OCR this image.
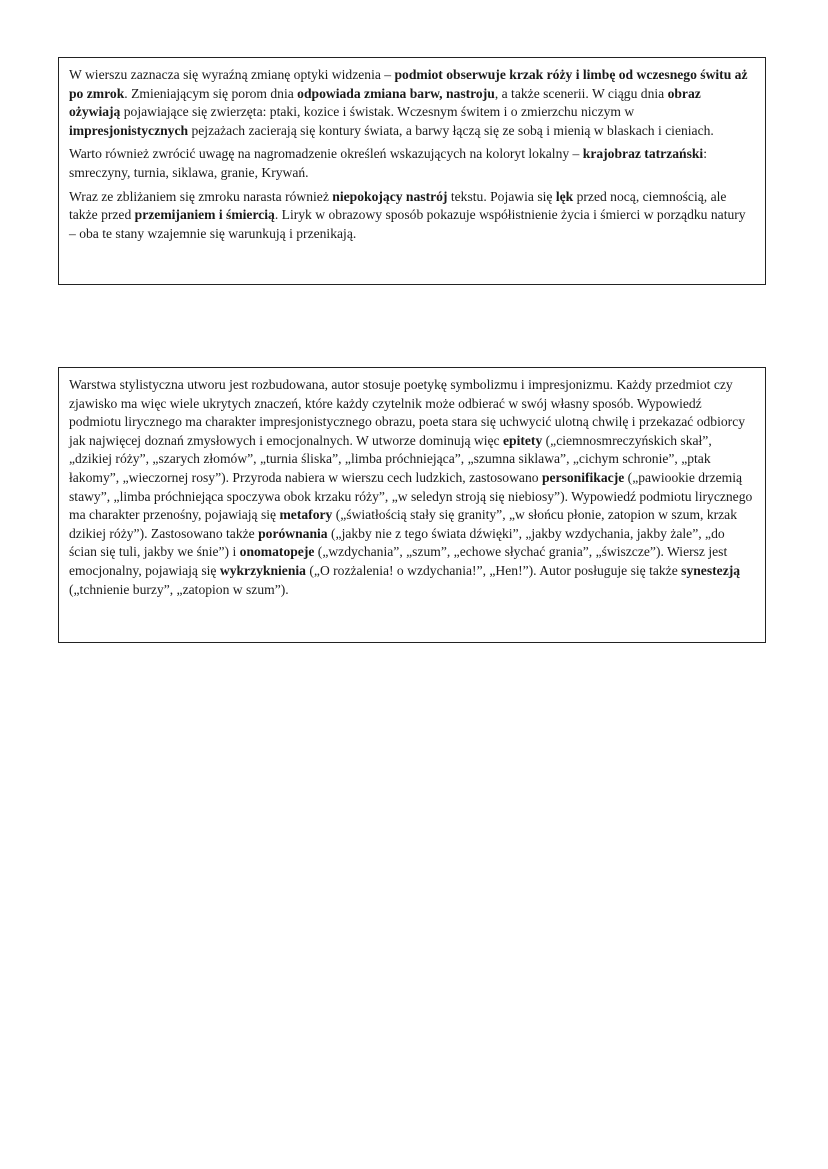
W wierszu zaznacza się wyraźną zmianę optyki widzenia – podmiot obserwuje krzak róży i limbę od wczesnego świtu aż po zmrok. Zmieniającym się porom dnia odpowiada zmiana barw, nastroju, a także scenerii. W ciągu dnia obraz ożywiają pojawiające się zwierzęta: ptaki, kozice i świstak. Wczesnym świtem i o zmierzchu niczym w impresjonistycznych pejzażach zacierają się kontury świata, a barwy łączą się ze sobą i mienią w blaskach i cieniach.

Warto również zwrócić uwagę na nagromadzenie określeń wskazujących na koloryt lokalny – krajobraz tatrzański: smreczyny, turnia, siklawa, granie, Krywań.

Wraz ze zbliżaniem się zmroku narasta również niepokojący nastrój tekstu. Pojawia się lęk przed nocą, ciemnością, ale także przed przemijaniem i śmiercią. Liryk w obrazowy sposób pokazuje współistnienie życia i śmierci w porządku natury – oba te stany wzajemnie się warunkują i przenikają.

Warstwa stylistyczna utworu jest rozbudowana, autor stosuje poetykę symbolizmu i impresjonizmu. Każdy przedmiot czy zjawisko ma więc wiele ukrytych znaczeń, które każdy czytelnik może odbierać w swój własny sposób. Wypowiedź podmiotu lirycznego ma charakter impresjonistycznego obrazu, poeta stara się uchwycić ulotną chwilę i przekazać odbiorcy jak najwięcej doznań zmysłowych i emocjonalnych. W utworze dominują więc epitety („ciemnosmreczyńskich skał”, „dzikiej róży”, „szarych złomów”, „turnia śliska”, „limba próchniejąca”, „szumna siklawa”, „cichym schronie”, „ptak łakomy”, „wieczornej rosy”). Przyroda nabiera w wierszu cech ludzkich, zastosowano personifikacje („pawiookie drzemią stawy”, „limba próchniejąca spoczywa obok krzaku róży”, „w seledyn stroją się niebiosy”). Wypowiedź podmiotu lirycznego ma charakter przenośny, pojawiają się metafory („światłością stały się granity”, „w słońcu płonie, zatopion w szum, krzak dzikiej róży”). Zastosowano także porównania („jakby nie z tego świata dźwięki”, „jakby wzdychania, jakby żale”, „do ścian się tuli, jakby we śnie”) i onomatopeje („wzdychania”, „szum”, „echowe słychać grania”, „świszcze”). Wiersz jest emocjonalny, pojawiają się wykrzyknienia („O rozżalenia! o wzdychania!”, „Hen!”). Autor posługuje się także synestezją („tchnienie burzy”, „zatopion w szum”).
